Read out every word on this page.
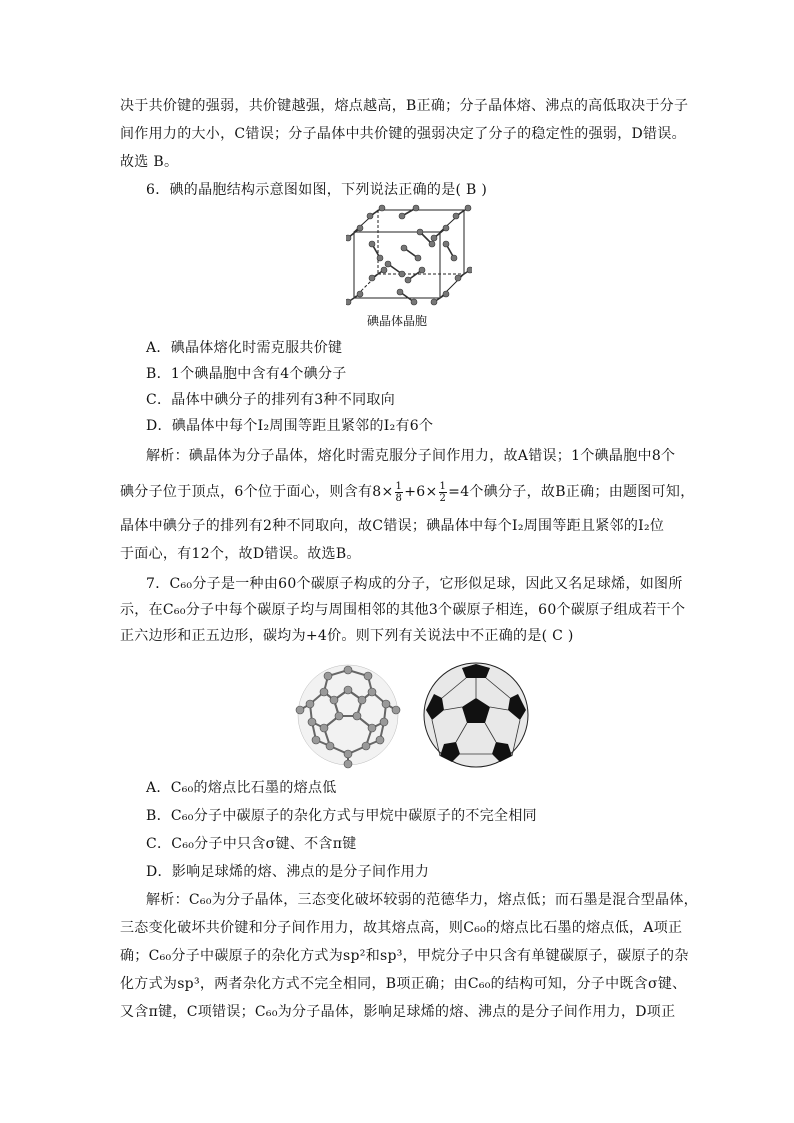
决于共价键的强弱，共价键越强，熔点越高，B正确；分子晶体熔、沸点的高低取决于分子
间作用力的大小，C错误；分子晶体中共价键的强弱决定了分子的稳定性的强弱，D错误。
故选 B。
6．碘的晶胞结构示意图如图，下列说法正确的是( B )
碘晶体晶胞
A．碘晶体熔化时需克服共价键
B．1个碘晶胞中含有4个碘分子
C．晶体中碘分子的排列有3种不同取向
D．碘晶体中每个I₂周围等距且紧邻的I₂有6个
解析：碘晶体为分子晶体，熔化时需克服分子间作用力，故A错误；1个碘晶胞中8个
碘分子位于顶点，6个位于面心，则含有$8\times \frac{1}{8} +6\times \frac{1}{2} =4$个碘分子，故B正确；由题图可知，
晶体中碘分子的排列有2种不同取向，故C错误；碘晶体中每个I₂周围等距且紧邻的I₂位
于面心，有12个，故D错误。故选B。
7．C₆₀分子是一种由60个碳原子构成的分子，它形似足球，因此又名足球烯，如图所
示，在C₆₀分子中每个碳原子均与周围相邻的其他3个碳原子相连，60个碳原子组成若干个
正六边形和正五边形，碳均为+4价。则下列有关说法中不正确的是( C )
A．C₆₀的熔点比石墨的熔点低
B．C₆₀分子中碳原子的杂化方式与甲烷中碳原子的不完全相同
C．C₆₀分子中只含σ键、不含π键
D．影响足球烯的熔、沸点的是分子间作用力
解析：C₆₀为分子晶体，三态变化破坏较弱的范德华力，熔点低；而石墨是混合型晶体，
三态变化破坏共价键和分子间作用力，故其熔点高，则C₆₀的熔点比石墨的熔点低，A项正
确；C₆₀分子中碳原子的杂化方式为sp²和sp³，甲烷分子中只含有单键碳原子，碳原子的杂
化方式为sp³，两者杂化方式不完全相同，B项正确；由C₆₀的结构可知，分子中既含σ键、
又含π键，C项错误；C₆₀为分子晶体，影响足球烯的熔、沸点的是分子间作用力，D项正
